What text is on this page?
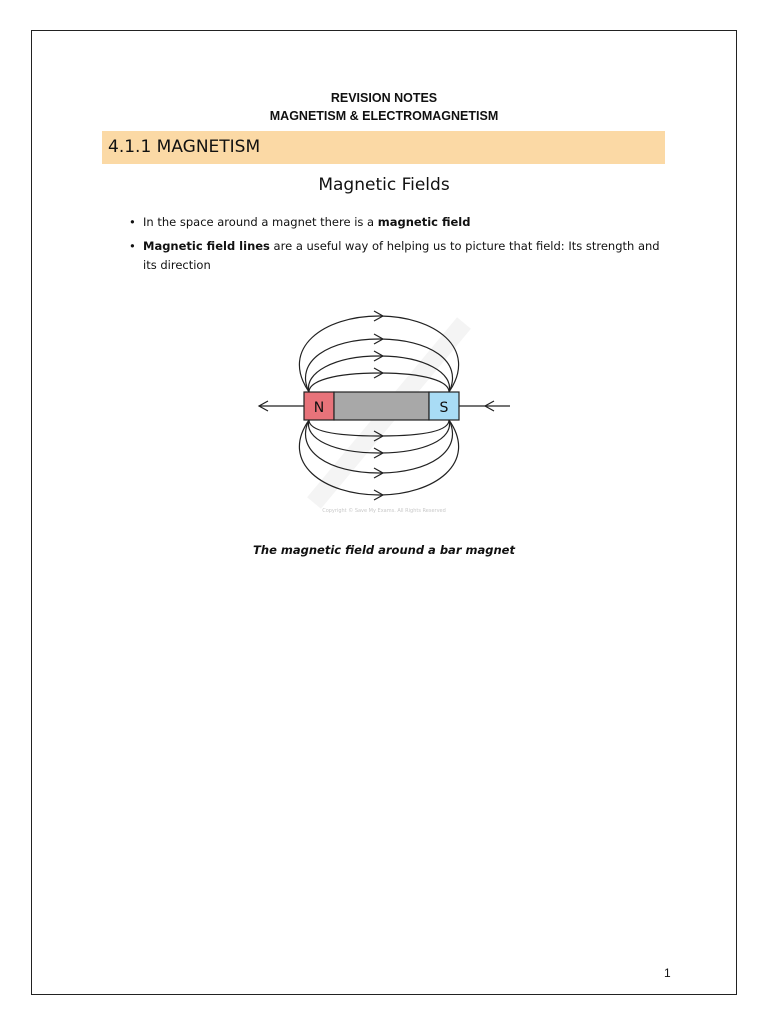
REVISION NOTES
MAGNETISM & ELECTROMAGNETISM
4.1.1 MAGNETISM
Magnetic Fields
• In the space around a magnet there is a magnetic field
• Magnetic field lines are a useful way of helping us to picture that field: Its strength and its direction
N	S
Copyright © Save My Exams. All Rights Reserved
The magnetic field around a bar magnet
1
